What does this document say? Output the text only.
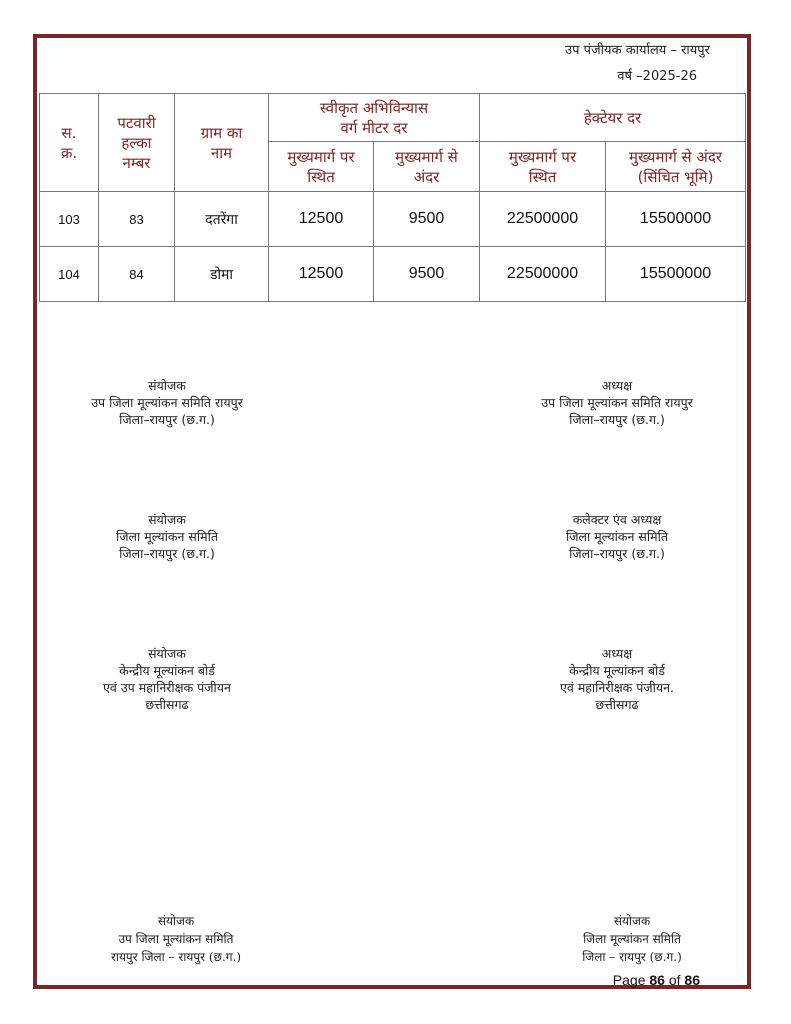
उप पंजीयक कार्यालय – रायपुर
वर्ष –2025-26
स. क्र.	पटवारी हल्का नम्बर	ग्राम का नाम	स्वीकृत अभिविन्यास
वर्ग मीटर दर		हेक्टेयर दर	

			मुख्यमार्ग पर स्थित	मुख्यमार्ग से अंदर	मुख्यमार्ग पर स्थित	मुख्यमार्ग से अंदर (सिंचित भूमि)

103	83	दतरेंगा	12500	9500	22500000	15500000
104	84	डोमा	12500	9500	22500000	15500000
संयोजक
उप जिला मूल्यांकन समिति रायपुर
जिला–रायपुर (छ.ग.)
अध्यक्ष
उप जिला मूल्यांकन समिति रायपुर
जिला–रायपुर (छ.ग.)
संयोजक
जिला मूल्यांकन समिति
जिला–रायपुर (छ.ग.)
कलेक्टर एंव अध्यक्ष
जिला मूल्यांकन समिति
जिला–रायपुर (छ.ग.)
संयोजक
केन्द्रीय मूल्यांकन बोर्ड
एवं उप महानिरीक्षक पंजीयन
छत्तीसगढ
अध्यक्ष
केन्द्रीय मूल्यांकन बोर्ड
एवं महानिरीक्षक पंजीयन.
छत्तीसगढ
संयोजक
उप जिला मूल्यांकन समिति
रायपुर जिला – रायपुर (छ.ग.)
संयोजक
जिला मूल्यांकन समिति
जिला – रायपुर (छ.ग.)
Page 86 of 86
